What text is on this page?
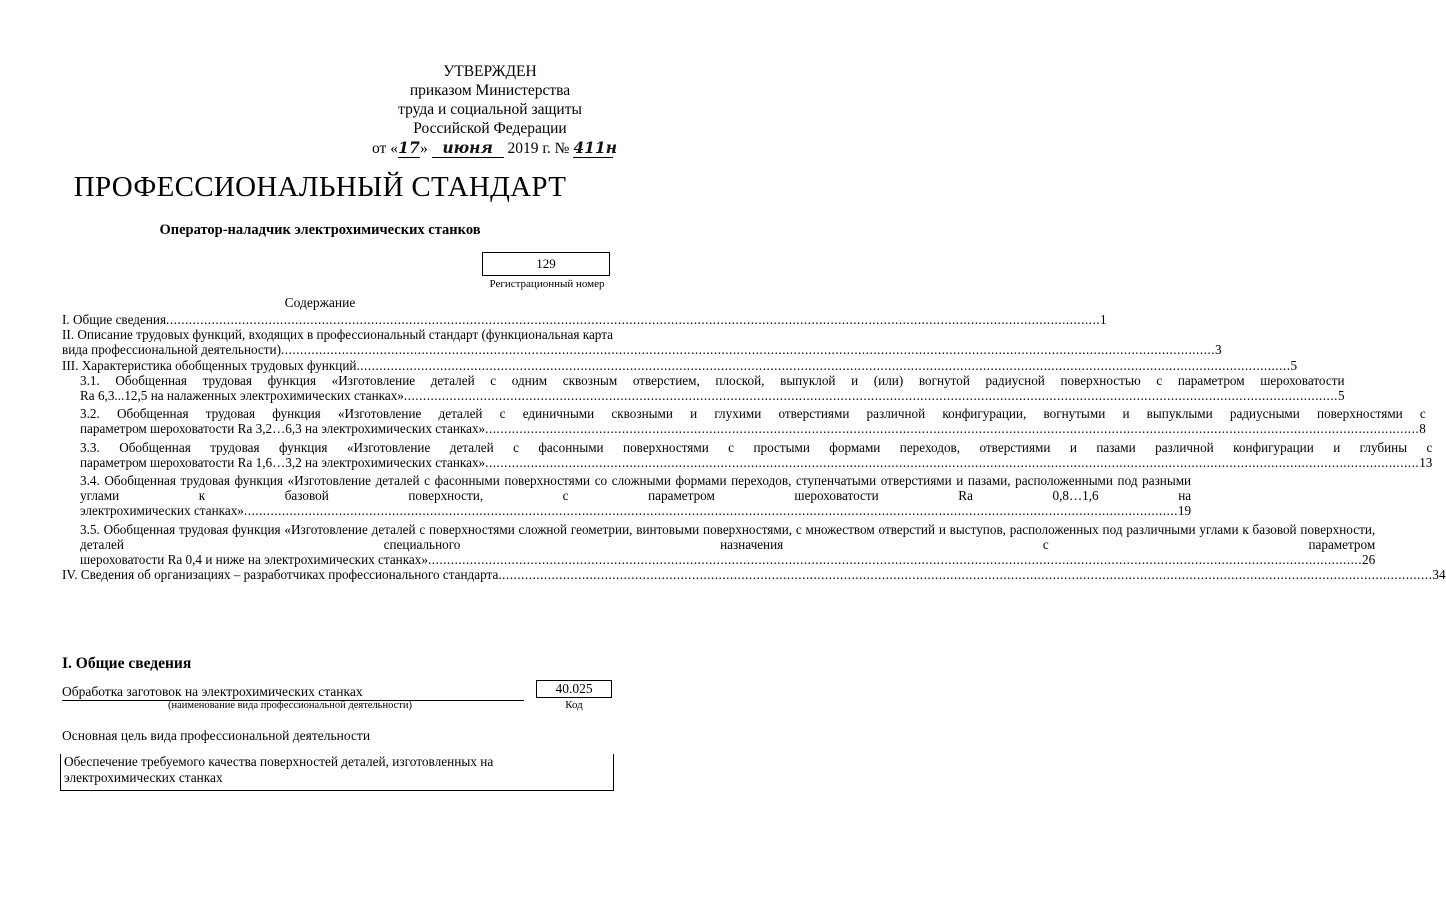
УТВЕРЖДЕН
приказом Министерства
труда и социальной защиты
Российской Федерации
от «17» июня 2019 г. № 411н
ПРОФЕССИОНАЛЬНЫЙ СТАНДАРТ
Оператор-наладчик электрохимических станков
129
Регистрационный номер
Содержание
I. Общие сведения .....	1
II. Описание трудовых функций, входящих в профессиональный стандарт (функциональная карта
вида профессиональной деятельности) .....	3
III. Характеристика обобщенных трудовых функций .....	5
3.1. Обобщенная трудовая функция «Изготовление деталей с одним сквозным отверстием, плоской, выпуклой и (или) вогнутой радиусной поверхностью с параметром шероховатости
Ra 6,3...12,5 на налаженных электрохимических станках» .....	5
3.2. Обобщенная трудовая функция «Изготовление деталей с единичными сквозными и глухими отверстиями различной конфигурации, вогнутыми и выпуклыми радиусными поверхностями с
параметром шероховатости Ra 3,2…6,3 на электрохимических станках» .....	8
3.3. Обобщенная трудовая функция «Изготовление деталей с фасонными поверхностями с простыми формами переходов, отверстиями и пазами различной конфигурации и глубины с
параметром шероховатости Ra 1,6…3,2 на электрохимических станках» .....	13
3.4. Обобщенная трудовая функция «Изготовление деталей с фасонными поверхностями со сложными формами переходов, ступенчатыми отверстиями и пазами, расположенными под разными углами к базовой поверхности, с параметром шероховатости Ra 0,8…1,6 на
электрохимических станках» .....	19
3.5. Обобщенная трудовая функция «Изготовление деталей с поверхностями сложной геометрии, винтовыми поверхностями, с множеством отверстий и выступов, расположенных под различными углами к базовой поверхности, деталей специального назначения с параметром
шероховатости Ra 0,4 и ниже на электрохимических станках» .....	26
IV. Сведения об организациях – разработчиках профессионального стандарта .....	34
I. Общие сведения
Обработка заготовок на электрохимических станках	40.025
(наименование вида профессиональной деятельности)	Код
Основная цель вида профессиональной деятельности
Обеспечение требуемого качества поверхностей деталей, изготовленных на электрохимических станках
